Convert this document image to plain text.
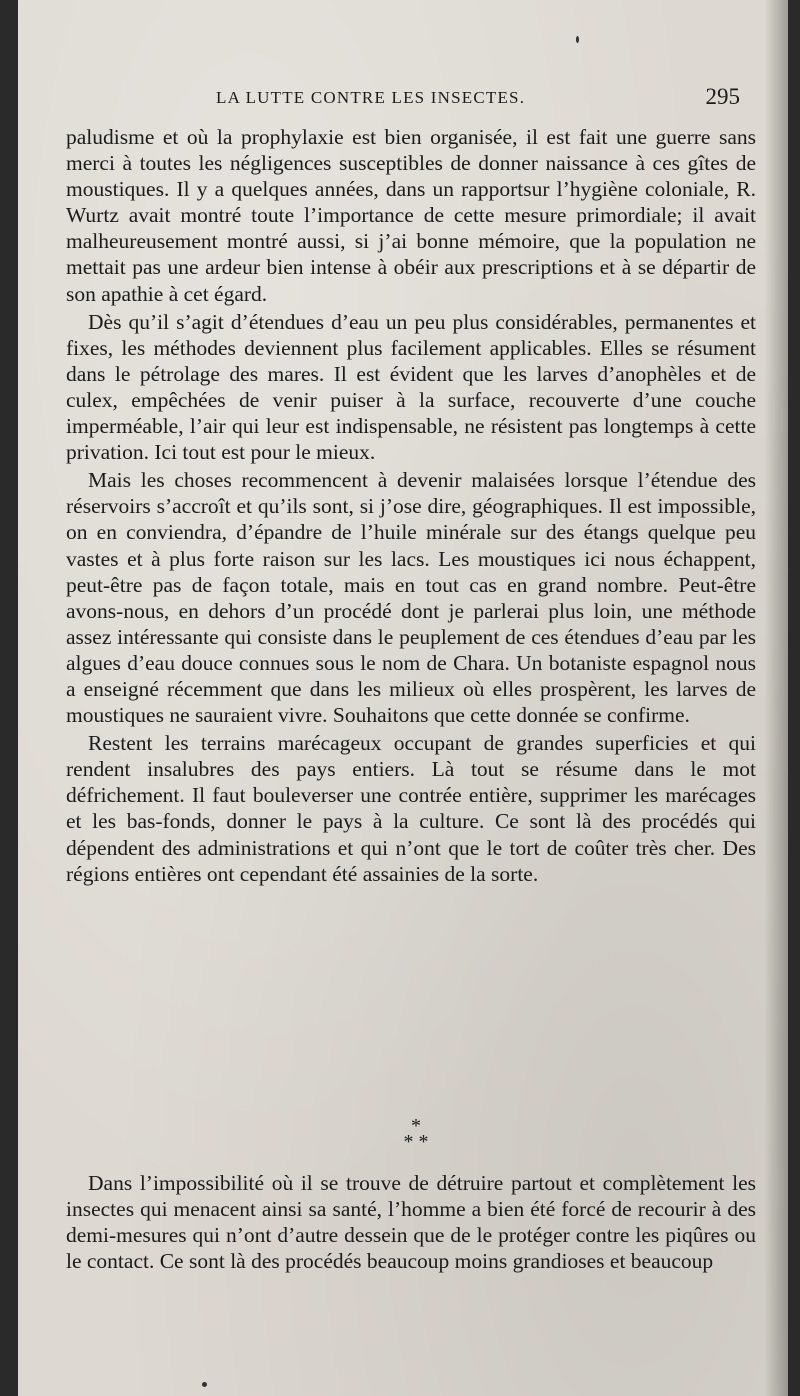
LA LUTTE CONTRE LES INSECTES.	295

paludisme et où la prophylaxie est bien organisée, il est fait une guerre sans merci à toutes les négligences susceptibles de donner naissance à ces gîtes de moustiques. Il y a quelques années, dans un rapportsur l’hygiène coloniale, R. Wurtz avait montré toute l’importance de cette mesure primordiale; il avait malheureusement montré aussi, si j’ai bonne mémoire, que la population ne mettait pas une ardeur bien intense à obéir aux prescriptions et à se départir de son apathie à cet égard.

Dès qu’il s’agit d’étendues d’eau un peu plus considérables, permanentes et fixes, les méthodes deviennent plus facilement applicables. Elles se résument dans le pétrolage des mares. Il est évident que les larves d’anophèles et de culex, empêchées de venir puiser à la surface, recouverte d’une couche imperméable, l’air qui leur est indispensable, ne résistent pas longtemps à cette privation. Ici tout est pour le mieux.

Mais les choses recommencent à devenir malaisées lorsque l’étendue des réservoirs s’accroît et qu’ils sont, si j’ose dire, géographiques. Il est impossible, on en conviendra, d’épandre de l’huile minérale sur des étangs quelque peu vastes et à plus forte raison sur les lacs. Les moustiques ici nous échappent, peut-être pas de façon totale, mais en tout cas en grand nombre. Peut-être avons-nous, en dehors d’un procédé dont je parlerai plus loin, une méthode assez intéressante qui consiste dans le peuplement de ces étendues d’eau par les algues d’eau douce connues sous le nom de Chara. Un botaniste espagnol nous a enseigné récemment que dans les milieux où elles prospèrent, les larves de moustiques ne sauraient vivre. Souhaitons que cette donnée se confirme.

Restent les terrains marécageux occupant de grandes superficies et qui rendent insalubres des pays entiers. Là tout se résume dans le mot défrichement. Il faut bouleverser une contrée entière, supprimer les marécages et les bas-fonds, donner le pays à la culture. Ce sont là des procédés qui dépendent des administrations et qui n’ont que le tort de coûter très cher. Des régions entières ont cependant été assainies de la sorte.

*
* *

Dans l’impossibilité où il se trouve de détruire partout et complètement les insectes qui menacent ainsi sa santé, l’homme a bien été forcé de recourir à des demi-mesures qui n’ont d’autre dessein que de le protéger contre les piqûres ou le contact. Ce sont là des procédés beaucoup moins grandioses et beaucoup
